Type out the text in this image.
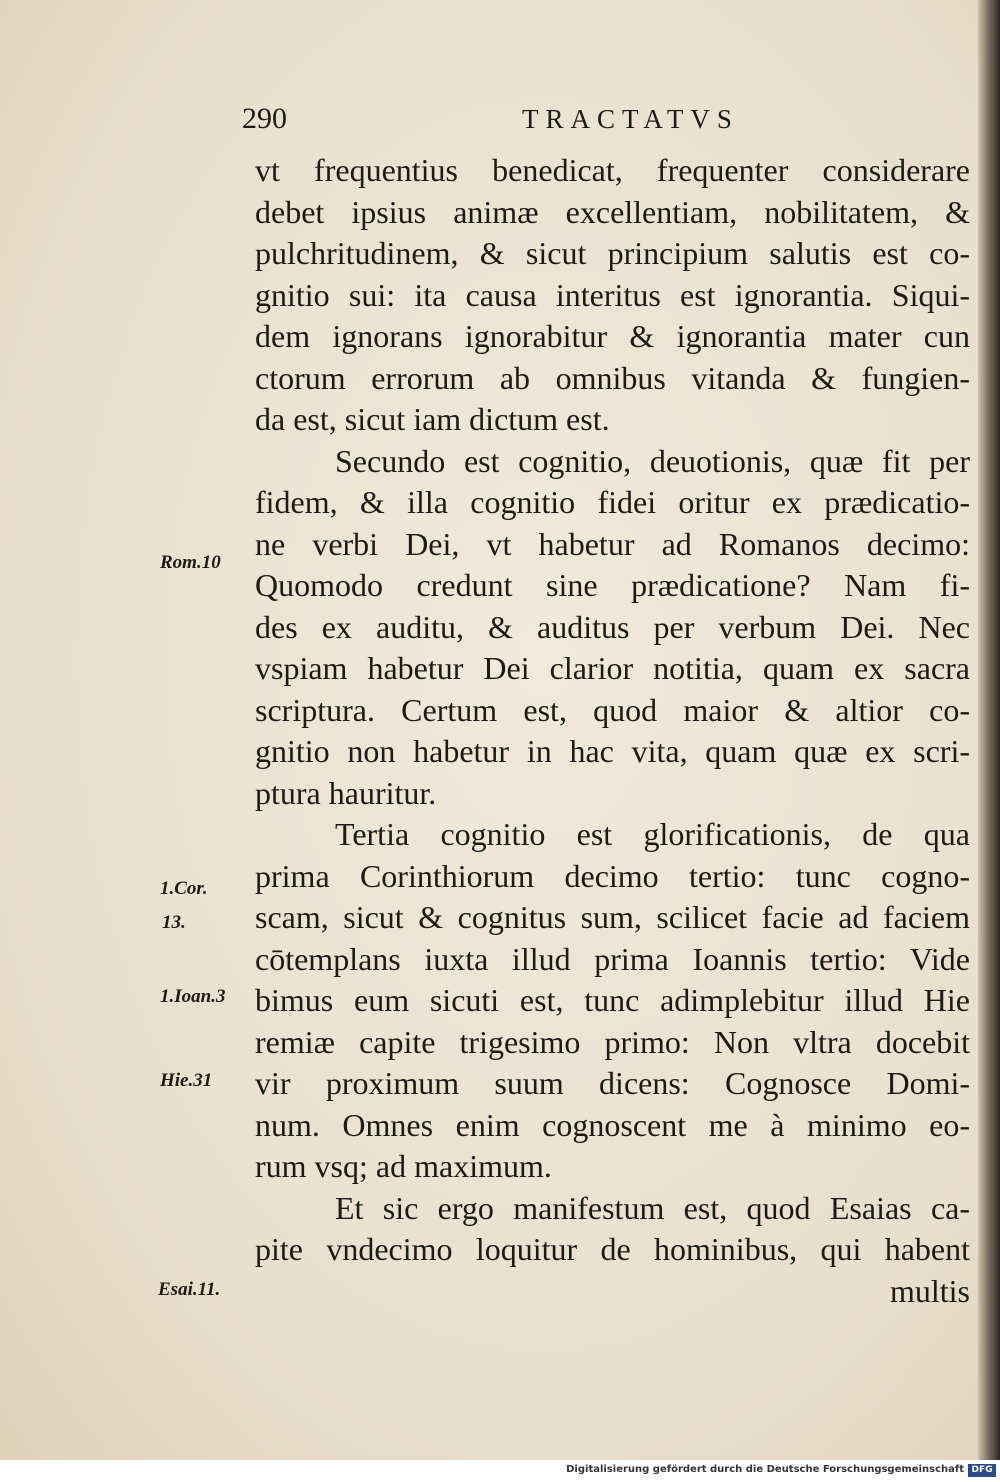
290	TRACTATVS
vt frequentius benedicat, frequenter considerare
debet ipsius animæ excellentiam, nobilitatem, &
pulchritudinem, & sicut principium salutis est co-
gnitio sui: ita causa interitus est ignorantia. Siqui-
dem ignorans ignorabitur & ignorantia mater cun
ctorum errorum ab omnibus vitanda & fungien-
da est, sicut iam dictum est.
Secundo est cognitio, deuotionis, quæ fit per
fidem, & illa cognitio fidei oritur ex prædicatio-
ne verbi Dei, vt habetur ad Romanos decimo:
Quomodo credunt sine prædicatione? Nam fi-
des ex auditu, & auditus per verbum Dei. Nec
vspiam habetur Dei clarior notitia, quam ex sacra
scriptura. Certum est, quod maior & altior co-
gnitio non habetur in hac vita, quam quæ ex scri-
ptura hauritur.
Tertia cognitio est glorificationis, de qua
prima Corinthiorum decimo tertio: tunc cogno-
scam, sicut & cognitus sum, scilicet facie ad faciem
cōtemplans iuxta illud prima Ioannis tertio: Vide
bimus eum sicuti est, tunc adimplebitur illud Hie
remiæ capite trigesimo primo: Non vltra docebit
vir proximum suum dicens: Cognosce Domi-
num. Omnes enim cognoscent me à minimo eo-
rum vsq; ad maximum.
Et sic ergo manifestum est, quod Esaias ca-
pite vndecimo loquitur de hominibus, qui habent
multis
Rom.10
1.Cor.
13.
1.Ioan.3
Hie.31
Esai.11.
Digitalisierung gefördert durch die Deutsche Forschungsgemeinschaft DFG
